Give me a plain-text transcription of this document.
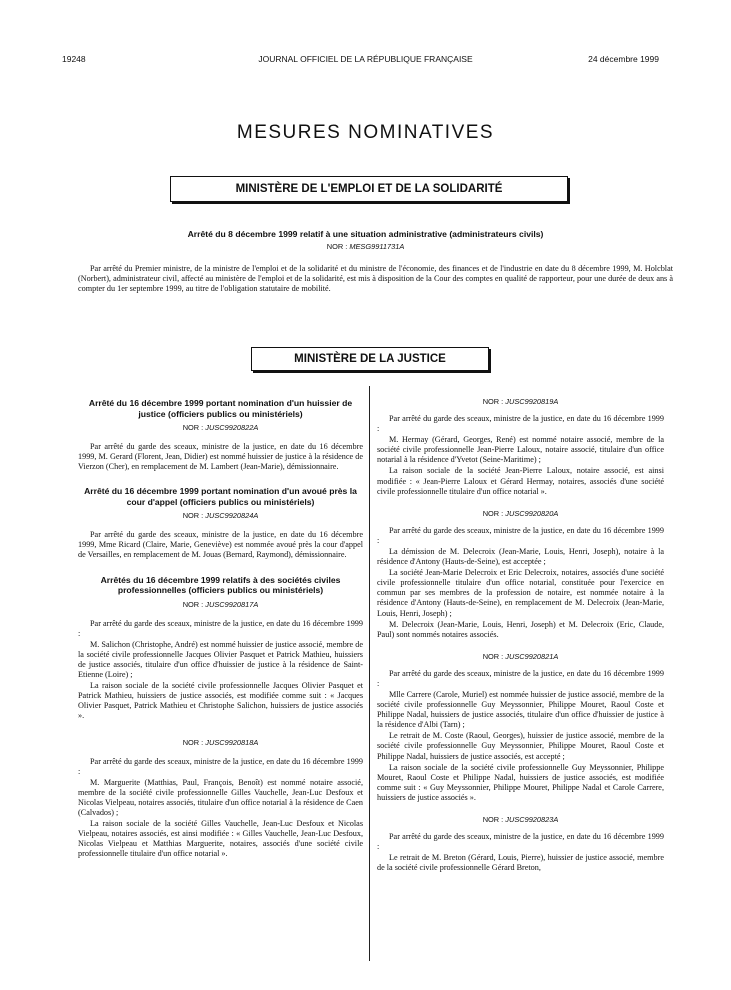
19248	JOURNAL OFFICIEL DE LA RÉPUBLIQUE FRANÇAISE	24 décembre 1999
MESURES NOMINATIVES
MINISTÈRE DE L'EMPLOI ET DE LA SOLIDARITÉ
Arrêté du 8 décembre 1999 relatif à une situation administrative (administrateurs civils)
NOR : MESG9911731A

Par arrêté du Premier ministre, de la ministre de l'emploi et de la solidarité et du ministre de l'économie, des finances et de l'industrie en date du 8 décembre 1999, M. Holcblat (Norbert), administrateur civil, affecté au ministère de l'emploi et de la solidarité, est mis à disposition de la Cour des comptes en qualité de rapporteur, pour une durée de deux ans à compter du 1er septembre 1999, au titre de l'obligation statutaire de mobilité.

MINISTÈRE DE LA JUSTICE
Arrêté du 16 décembre 1999 portant nomination d'un huissier de justice (officiers publics ou ministériels)
NOR : JUSC9920822A

Par arrêté du garde des sceaux, ministre de la justice, en date du 16 décembre 1999, M. Gerard (Florent, Jean, Didier) est nommé huissier de justice à la résidence de Vierzon (Cher), en remplacement de M. Lambert (Jean-Marie), démissionnaire.

Arrêté du 16 décembre 1999 portant nomination d'un avoué près la cour d'appel (officiers publics ou ministériels)
NOR : JUSC9920824A

Par arrêté du garde des sceaux, ministre de la justice, en date du 16 décembre 1999, Mme Ricard (Claire, Marie, Geneviève) est nommée avoué près la cour d'appel de Versailles, en remplacement de M. Jouas (Bernard, Raymond), démissionnaire.

Arrêtés du 16 décembre 1999 relatifs à des sociétés civiles professionnelles (officiers publics ou ministériels)
NOR : JUSC9920817A

Par arrêté du garde des sceaux, ministre de la justice, en date du 16 décembre 1999 :

M. Salichon (Christophe, André) est nommé huissier de justice associé, membre de la société civile professionnelle Jacques Olivier Pasquet et Patrick Mathieu, huissiers de justice associés, titulaire d'un office d'huissier de justice à la résidence de Saint-Etienne (Loire) ;

La raison sociale de la société civile professionnelle Jacques Olivier Pasquet et Patrick Mathieu, huissiers de justice associés, est modifiée comme suit : « Jacques Olivier Pasquet, Patrick Mathieu et Christophe Salichon, huissiers de justice associés ».

NOR : JUSC9920818A

Par arrêté du garde des sceaux, ministre de la justice, en date du 16 décembre 1999 :

M. Marguerite (Matthias, Paul, François, Benoît) est nommé notaire associé, membre de la société civile professionnelle Gilles Vauchelle, Jean-Luc Desfoux et Nicolas Vielpeau, notaires associés, titulaire d'un office notarial à la résidence de Caen (Calvados) ;

La raison sociale de la société Gilles Vauchelle, Jean-Luc Desfoux et Nicolas Vielpeau, notaires associés, est ainsi modifiée : « Gilles Vauchelle, Jean-Luc Desfoux, Nicolas Vielpeau et Matthias Marguerite, notaires, associés d'une société civile professionnelle titulaire d'un office notarial ».

NOR : JUSC9920819A

Par arrêté du garde des sceaux, ministre de la justice, en date du 16 décembre 1999 :

M. Hermay (Gérard, Georges, René) est nommé notaire associé, membre de la société civile professionnelle Jean-Pierre Laloux, notaire associé, titulaire d'un office notarial à la résidence d'Yvetot (Seine-Maritime) ;

La raison sociale de la société Jean-Pierre Laloux, notaire associé, est ainsi modifiée : « Jean-Pierre Laloux et Gérard Hermay, notaires, associés d'une société civile professionnelle titulaire d'un office notarial ».

NOR : JUSC9920820A

Par arrêté du garde des sceaux, ministre de la justice, en date du 16 décembre 1999 :

La démission de M. Delecroix (Jean-Marie, Louis, Henri, Joseph), notaire à la résidence d'Antony (Hauts-de-Seine), est acceptée ;

La société Jean-Marie Delecroix et Eric Delecroix, notaires, associés d'une société civile professionnelle titulaire d'un office notarial, constituée pour l'exercice en commun par ses membres de la profession de notaire, est nommée notaire à la résidence d'Antony (Hauts-de-Seine), en remplacement de M. Delecroix (Jean-Marie, Louis, Henri, Joseph) ;

M. Delecroix (Jean-Marie, Louis, Henri, Joseph) et M. Delecroix (Eric, Claude, Paul) sont nommés notaires associés.

NOR : JUSC9920821A

Par arrêté du garde des sceaux, ministre de la justice, en date du 16 décembre 1999 :

Mlle Carrere (Carole, Muriel) est nommée huissier de justice associé, membre de la société civile professionnelle Guy Meyssonnier, Philippe Mouret, Raoul Coste et Philippe Nadal, huissiers de justice associés, titulaire d'un office d'huissier de justice à la résidence d'Albi (Tarn) ;

Le retrait de M. Coste (Raoul, Georges), huissier de justice associé, membre de la société civile professionnelle Guy Meyssonnier, Philippe Mouret, Raoul Coste et Philippe Nadal, huissiers de justice associés, est accepté ;

La raison sociale de la société civile professionnelle Guy Meyssonnier, Philippe Mouret, Raoul Coste et Philippe Nadal, huissiers de justice associés, est modifiée comme suit : « Guy Meyssonnier, Philippe Mouret, Philippe Nadal et Carole Carrere, huissiers de justice associés ».

NOR : JUSC9920823A

Par arrêté du garde des sceaux, ministre de la justice, en date du 16 décembre 1999 :

Le retrait de M. Breton (Gérard, Louis, Pierre), huissier de justice associé, membre de la société civile professionnelle Gérard Breton,
